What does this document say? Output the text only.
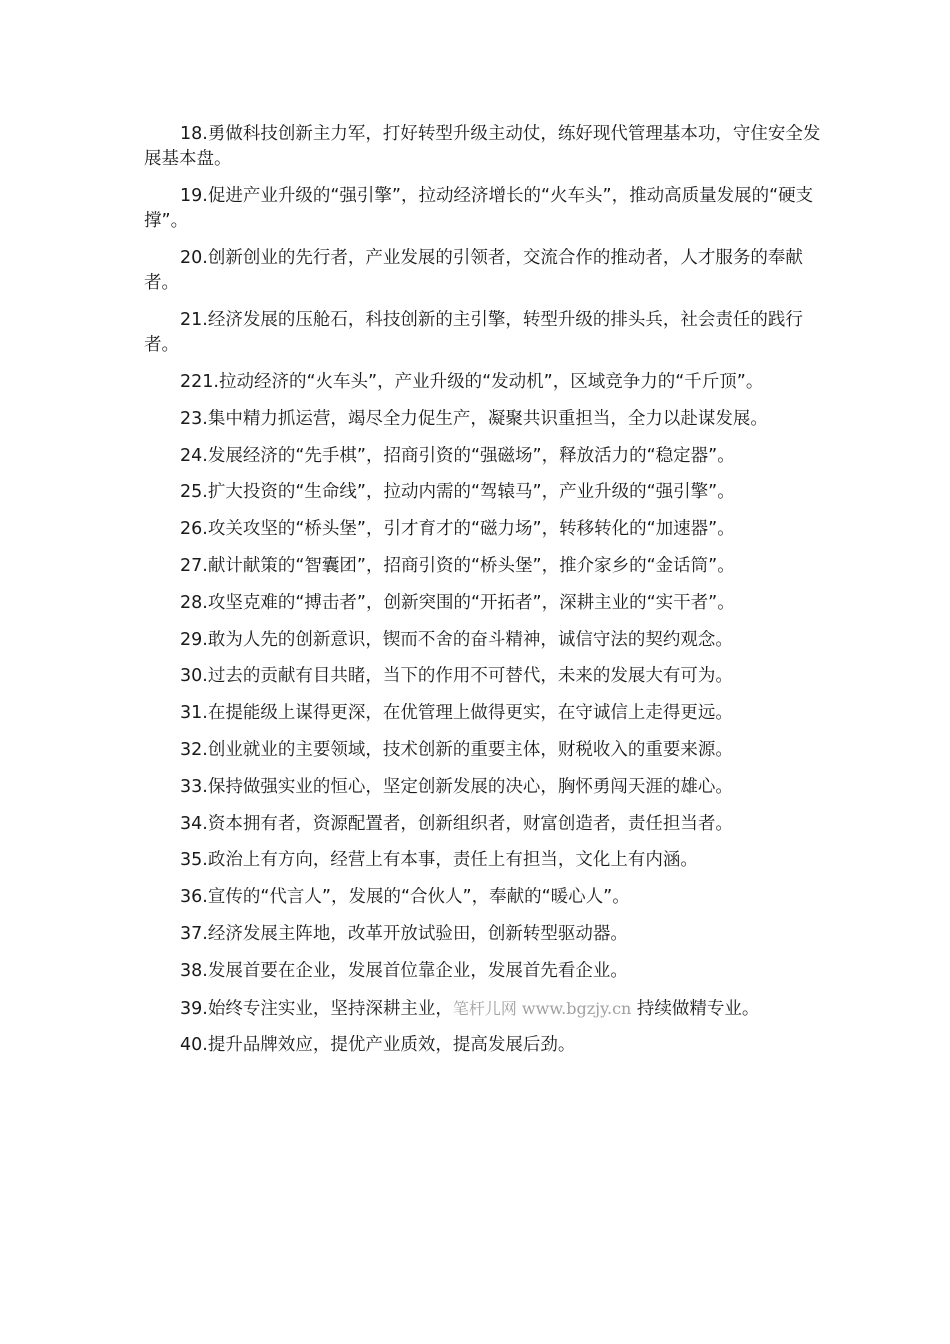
18.勇做科技创新主力军，打好转型升级主动仗，练好现代管理基本功，守住安全发展基本盘。

19.促进产业升级的“强引擎”，拉动经济增长的“火车头”，推动高质量发展的“硬支撑”。

20.创新创业的先行者，产业发展的引领者，交流合作的推动者，人才服务的奉献者。

21.经济发展的压舱石，科技创新的主引擎，转型升级的排头兵，社会责任的践行者。

221.拉动经济的“火车头”，产业升级的“发动机”，区域竞争力的“千斤顶”。

23.集中精力抓运营，竭尽全力促生产，凝聚共识重担当，全力以赴谋发展。

24.发展经济的“先手棋”，招商引资的“强磁场”，释放活力的“稳定器”。

25.扩大投资的“生命线”，拉动内需的“驾辕马”，产业升级的“强引擎”。

26.攻关攻坚的“桥头堡”，引才育才的“磁力场”，转移转化的“加速器”。

27.献计献策的“智囊团”，招商引资的“桥头堡”，推介家乡的“金话筒”。

28.攻坚克难的“搏击者”，创新突围的“开拓者”，深耕主业的“实干者”。

29.敢为人先的创新意识，锲而不舍的奋斗精神，诚信守法的契约观念。

30.过去的贡献有目共睹，当下的作用不可替代，未来的发展大有可为。

31.在提能级上谋得更深，在优管理上做得更实，在守诚信上走得更远。

32.创业就业的主要领域，技术创新的重要主体，财税收入的重要来源。

33.保持做强实业的恒心，坚定创新发展的决心，胸怀勇闯天涯的雄心。

34.资本拥有者，资源配置者，创新组织者，财富创造者，责任担当者。

35.政治上有方向，经营上有本事，责任上有担当，文化上有内涵。

36.宣传的“代言人”，发展的“合伙人”，奉献的“暖心人”。

37.经济发展主阵地，改革开放试验田，创新转型驱动器。

38.发展首要在企业，发展首位靠企业，发展首先看企业。

39.始终专注实业，坚持深耕主业，笔杆儿网 www.bgzjy.cn 持续做精专业。

40.提升品牌效应，提优产业质效，提高发展后劲。
